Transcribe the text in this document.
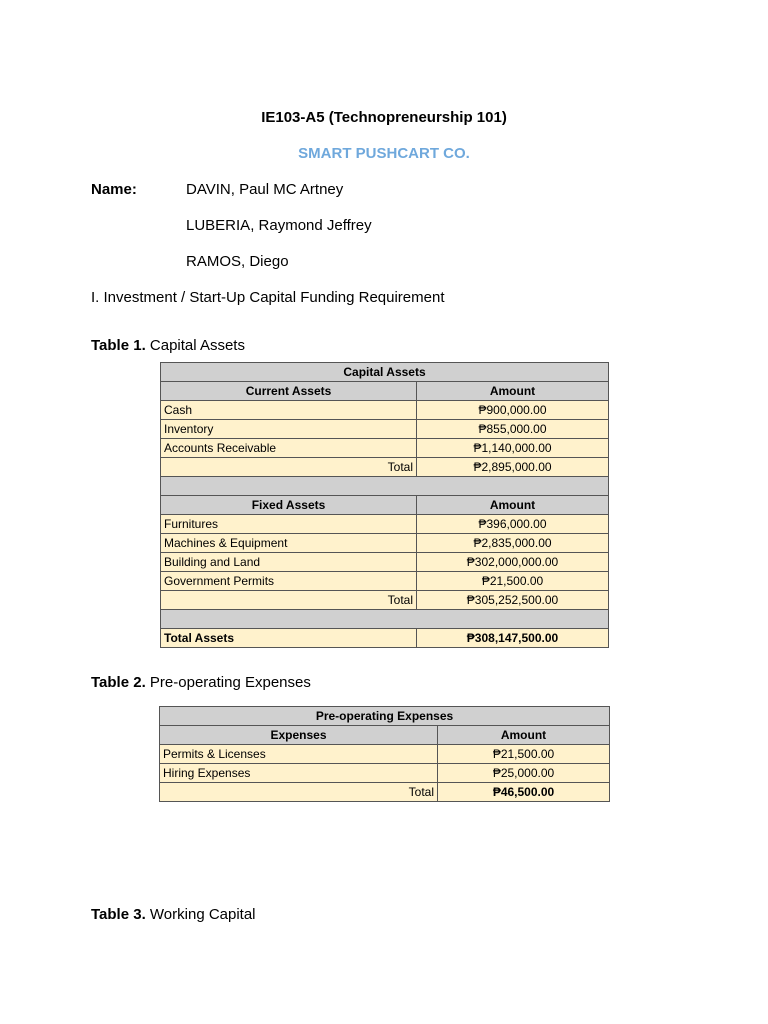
IE103-A5 (Technopreneurship 101)
SMART PUSHCART CO.
Name:	DAVIN, Paul MC Artney
LUBERIA, Raymond Jeffrey
RAMOS, Diego
I. Investment / Start-Up Capital Funding Requirement
Table 1. Capital Assets
Capital Assets	
Current Assets	Amount
Cash	₱900,000.00
Inventory	₱855,000.00
Accounts Receivable	₱1,140,000.00
Total	₱2,895,000.00

Fixed Assets	Amount
Furnitures	₱396,000.00
Machines & Equipment	₱2,835,000.00
Building and Land	₱302,000,000.00
Government Permits	₱21,500.00
Total	₱305,252,500.00

Total Assets	₱308,147,500.00
Table 2. Pre-operating Expenses
Pre-operating Expenses	
Expenses	Amount
Permits & Licenses	₱21,500.00
Hiring Expenses	₱25,000.00
Total	₱46,500.00
Table 3. Working Capital
